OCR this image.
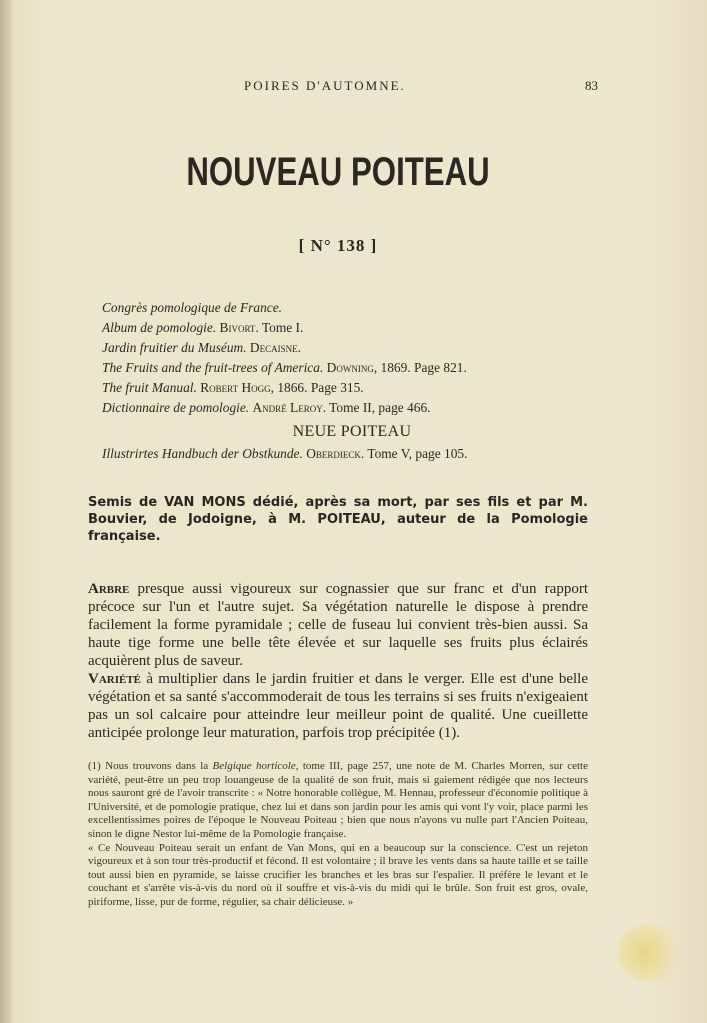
POIRES D'AUTOMNE.	83
NOUVEAU POITEAU
[ N° 138 ]
Congrès pomologique de France.
Album de pomologie. Bivort. Tome I.
Jardin fruitier du Muséum. Decaisne.
The Fruits and the fruit-trees of America. Downing, 1869. Page 821.
The fruit Manual. Robert Hogg, 1866. Page 315.
Dictionnaire de pomologie. André Leroy. Tome II, page 466.
NEUE POITEAU
Illustrirtes Handbuch der Obstkunde. Oberdieck. Tome V, page 105.
Semis de VAN MONS dédié, après sa mort, par ses fils et par M. Bouvier, de Jodoigne, à M. POITEAU, auteur de la Pomologie française.

Arbre presque aussi vigoureux sur cognassier que sur franc et d'un rapport précoce sur l'un et l'autre sujet. Sa végétation naturelle le dispose à prendre facilement la forme pyramidale ; celle de fuseau lui convient très-bien aussi. Sa haute tige forme une belle tête élevée et sur laquelle ses fruits plus éclairés acquièrent plus de saveur.

Variété à multiplier dans le jardin fruitier et dans le verger. Elle est d'une belle végétation et sa santé s'accommoderait de tous les terrains si ses fruits n'exigeaient pas un sol calcaire pour atteindre leur meilleur point de qualité. Une cueillette anticipée prolonge leur maturation, parfois trop précipitée (1).

(1) Nous trouvons dans la Belgique horticole, tome III, page 257, une note de M. Charles Morren, sur cette variété, peut-être un peu trop louangeuse de la qualité de son fruit, mais si gaiement rédigée que nos lecteurs nous sauront gré de l'avoir transcrite : « Notre honorable collègue, M. Hennau, professeur d'économie politique à l'Université, et de pomologie pratique, chez lui et dans son jardin pour les amis qui vont l'y voir, place parmi les excellentissimes poires de l'époque le Nouveau Poiteau ; bien que nous n'ayons vu nulle part l'Ancien Poiteau, sinon le digne Nestor lui-même de la Pomologie française.

« Ce Nouveau Poiteau serait un enfant de Van Mons, qui en a beaucoup sur la conscience. C'est un rejeton vigoureux et à son tour très-productif et fécond. Il est volontaire ; il brave les vents dans sa haute taille et se taille tout aussi bien en pyramide, se laisse crucifier les branches et les bras sur l'espalier. Il préfère le levant et le couchant et s'arrête vis-à-vis du nord où il souffre et vis-à-vis du midi qui le brûle. Son fruit est gros, ovale, piriforme, lisse, pur de forme, régulier, sa chair délicieuse. »
